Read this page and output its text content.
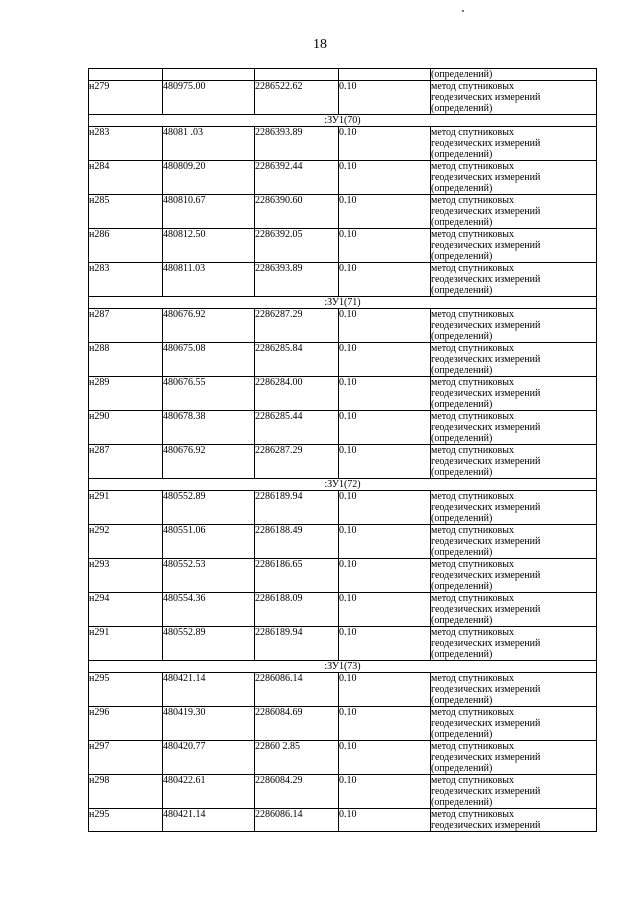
18
				(определений)
н279	480975.00	2286522.62	0.10	метод спутниковых
геодезических измерений
(определений)

:ЗУ1(70)				
н283	48081 .03	2286393.89	0.10	метод спутниковых
геодезических измерений
(определений)

н284	480809.20	2286392.44	0.10	метод спутниковых
геодезических измерений
(определений)

н285	480810.67	2286390.60	0.10	метод спутниковых
геодезических измерений
(определений)

н286	480812.50	2286392.05	0.10	метод спутниковых
геодезических измерений
(определений)

н283	480811.03	2286393.89	0.10	метод спутниковых
геодезических измерений
(определений)

:ЗУ1(71)				
н287	480676.92	2286287.29	0.10	метод спутниковых
геодезических измерений
(определений)

н288	480675.08	2286285.84	0.10	метод спутниковых
геодезических измерений
(определений)

н289	480676.55	2286284.00	0.10	метод спутниковых
геодезических измерений
(определений)

н290	480678.38	2286285.44	0.10	метод спутниковых
геодезических измерений
(определений)

н287	480676.92	2286287.29	0.10	метод спутниковых
геодезических измерений
(определений)

:ЗУ1(72)				
н291	480552.89	2286189.94	0.10	метод спутниковых
геодезических измерений
(определений)

н292	480551.06	2286188.49	0.10	метод спутниковых
геодезических измерений
(определений)

н293	480552.53	2286186.65	0.10	метод спутниковых
геодезических измерений
(определений)

н294	480554.36	2286188.09	0.10	метод спутниковых
геодезических измерений
(определений)

н291	480552.89	2286189.94	0.10	метод спутниковых
геодезических измерений
(определений)

:ЗУ1(73)				
н295	480421.14	2286086.14	0.10	метод спутниковых
геодезических измерений
(определений)

н296	480419.30	2286084.69	0.10	метод спутниковых
геодезических измерений
(определений)

н297	480420.77	22860 2.85	0.10	метод спутниковых
геодезических измерений
(определений)

н298	480422.61	2286084.29	0.10	метод спутниковых
геодезических измерений
(определений)

н295	480421.14	2286086.14	0.10	метод спутниковых
геодезических измерений
